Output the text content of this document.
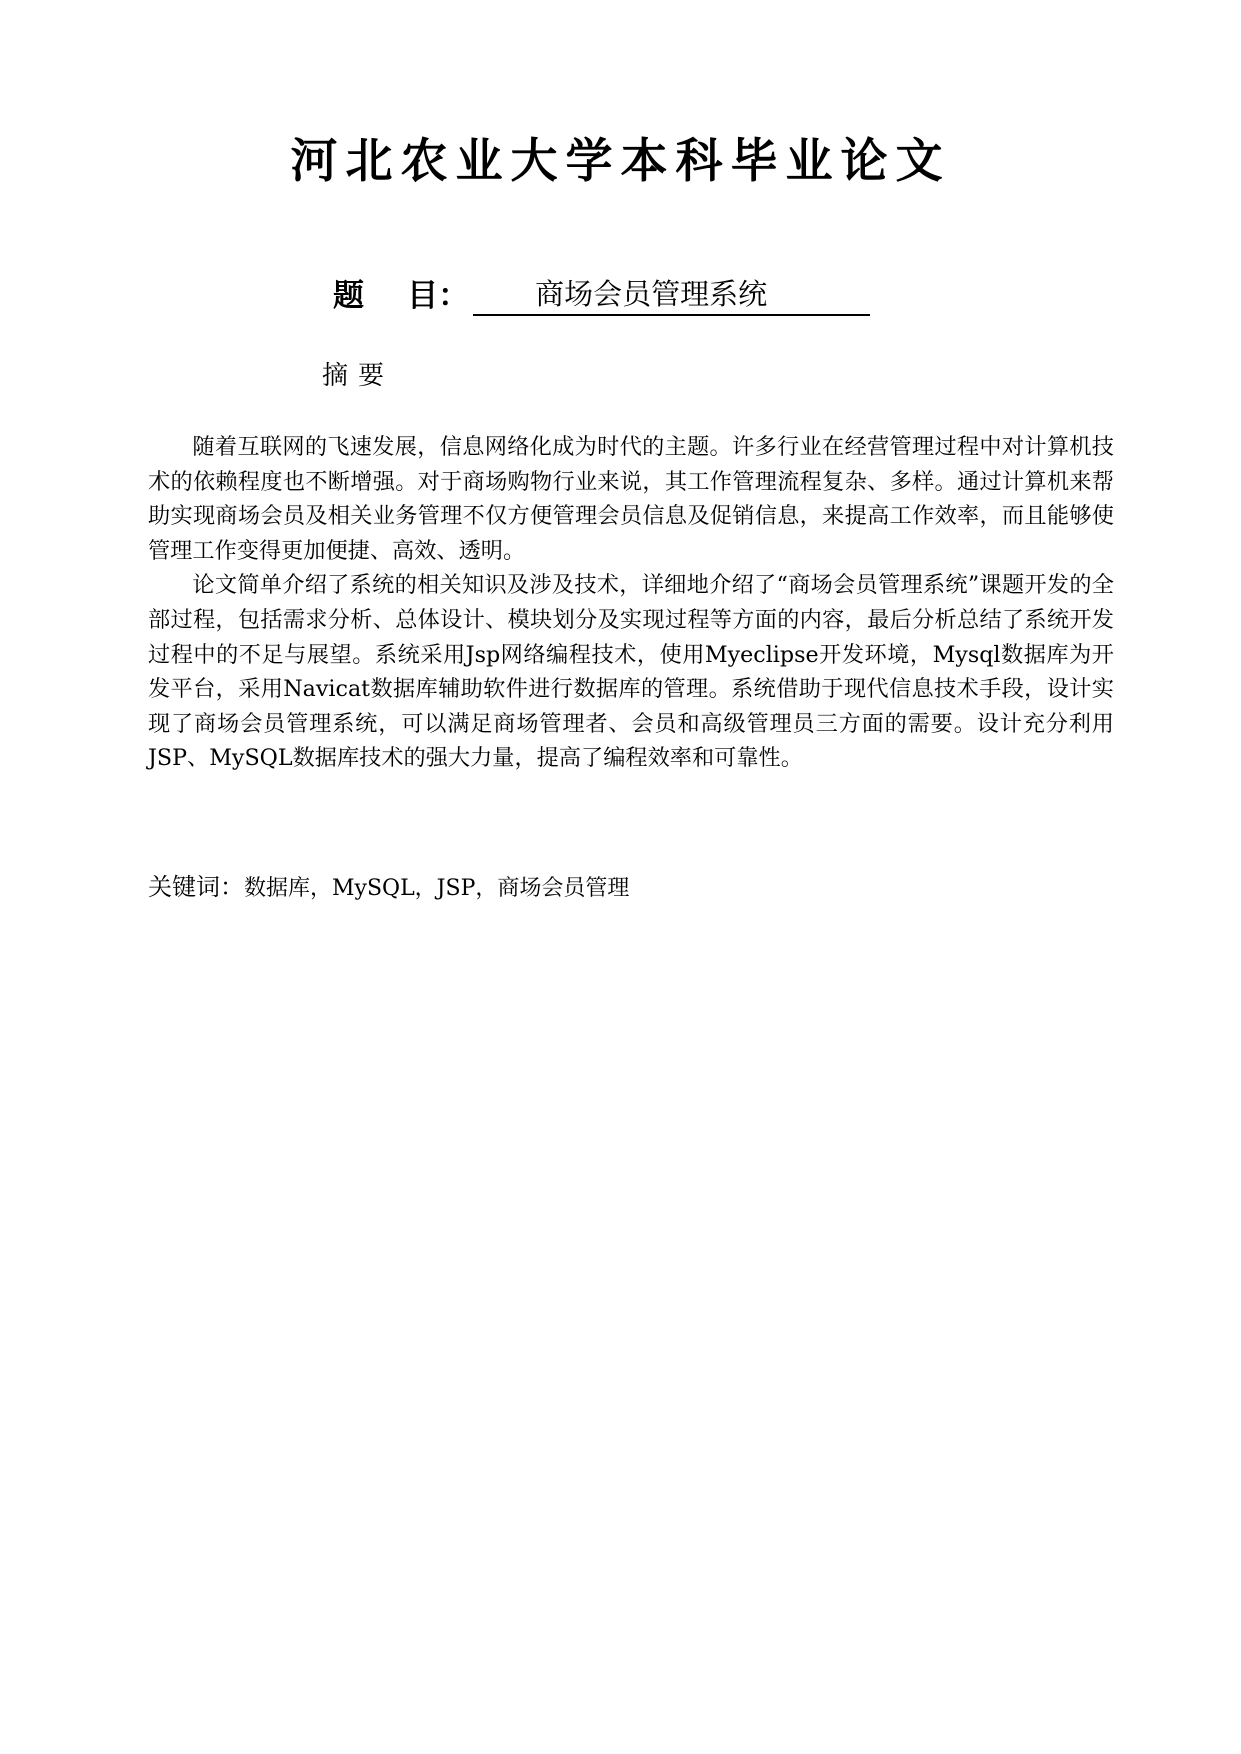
河北农业大学本科毕业论文
题    目： 商场会员管理系统
摘要

随着互联网的飞速发展，信息网络化成为时代的主题。许多行业在经营管理过程中对计算机技术的依赖程度也不断增强。对于商场购物行业来说，其工作管理流程复杂、多样。通过计算机来帮助实现商场会员及相关业务管理不仅方便管理会员信息及促销信息，来提高工作效率，而且能够使管理工作变得更加便捷、高效、透明。

论文简单介绍了系统的相关知识及涉及技术，详细地介绍了“商场会员管理系统”课题开发的全部过程，包括需求分析、总体设计、模块划分及实现过程等方面的内容，最后分析总结了系统开发过程中的不足与展望。系统采用Jsp网络编程技术，使用Myeclipse开发环境，Mysql数据库为开发平台，采用Navicat数据库辅助软件进行数据库的管理。系统借助于现代信息技术手段，设计实现了商场会员管理系统，可以满足商场管理者、会员和高级管理员三方面的需要。设计充分利用JSP、MySQL数据库技术的强大力量，提高了编程效率和可靠性。

关键词：数据库，MySQL，JSP，商场会员管理
